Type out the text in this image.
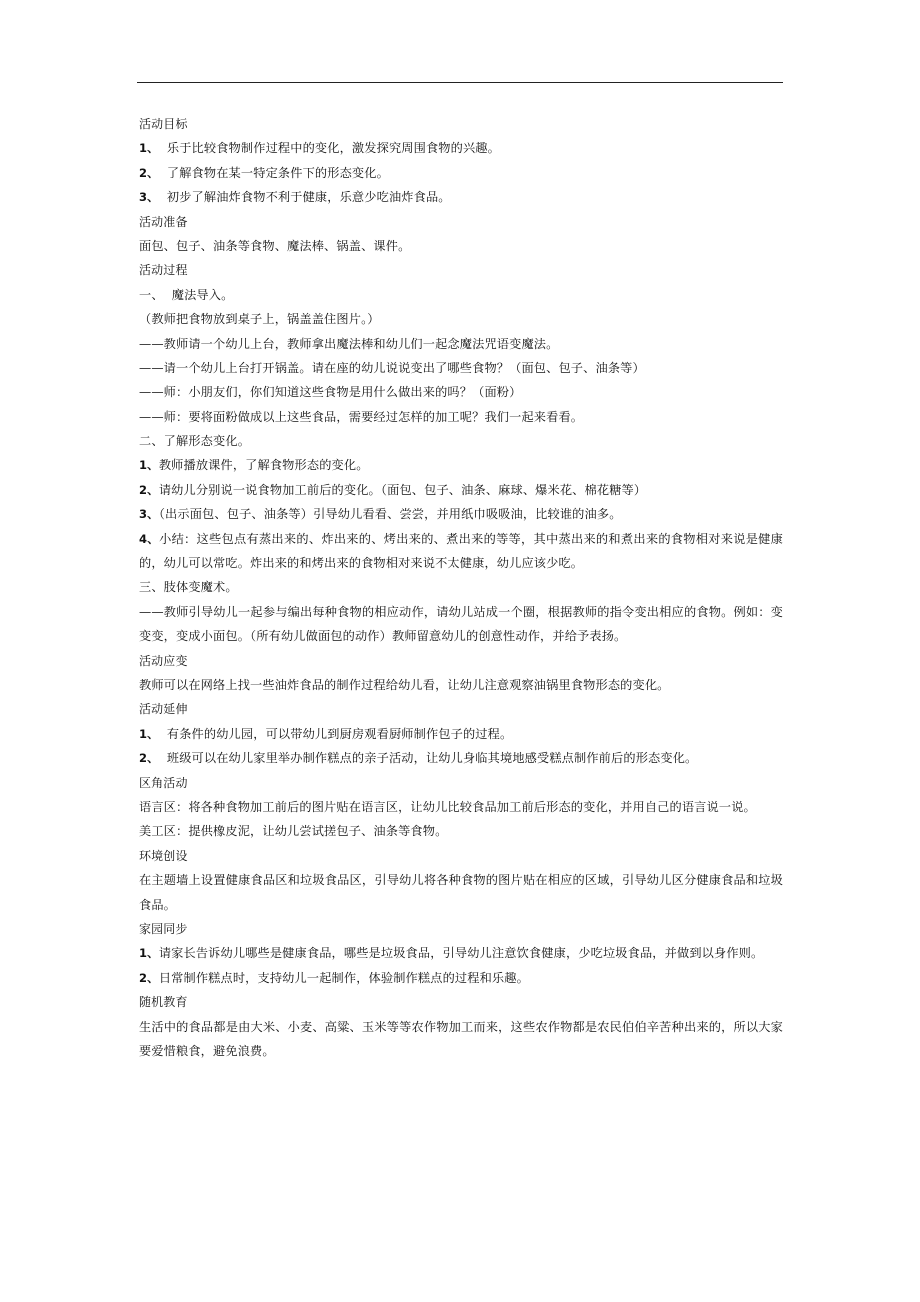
活动目标
1、 乐于比较食物制作过程中的变化，激发探究周围食物的兴趣。
2、 了解食物在某一特定条件下的形态变化。
3、 初步了解油炸食物不利于健康，乐意少吃油炸食品。
活动准备
面包、包子、油条等食物、魔法棒、锅盖、课件。
活动过程
一、 魔法导入。
（教师把食物放到桌子上，锅盖盖住图片。）
——教师请一个幼儿上台，教师拿出魔法棒和幼儿们一起念魔法咒语变魔法。
——请一个幼儿上台打开锅盖。请在座的幼儿说说变出了哪些食物？（面包、包子、油条等）
——师：小朋友们，你们知道这些食物是用什么做出来的吗？（面粉）
——师：要将面粉做成以上这些食品，需要经过怎样的加工呢？我们一起来看看。
二、了解形态变化。
1、教师播放课件，了解食物形态的变化。
2、请幼儿分别说一说食物加工前后的变化。（面包、包子、油条、麻球、爆米花、棉花糖等）
3、（出示面包、包子、油条等）引导幼儿看看、尝尝，并用纸巾吸吸油，比较谁的油多。
4、小结：这些包点有蒸出来的、炸出来的、烤出来的、煮出来的等等，其中蒸出来的和煮出来的食物相对来说是健康的，幼儿可以常吃。炸出来的和烤出来的食物相对来说不太健康，幼儿应该少吃。
三、肢体变魔术。
——教师引导幼儿一起参与编出每种食物的相应动作，请幼儿站成一个圈，根据教师的指令变出相应的食物。例如：变变变，变成小面包。（所有幼儿做面包的动作）教师留意幼儿的创意性动作，并给予表扬。
活动应变
教师可以在网络上找一些油炸食品的制作过程给幼儿看，让幼儿注意观察油锅里食物形态的变化。
活动延伸
1、 有条件的幼儿园，可以带幼儿到厨房观看厨师制作包子的过程。
2、 班级可以在幼儿家里举办制作糕点的亲子活动，让幼儿身临其境地感受糕点制作前后的形态变化。
区角活动
语言区：将各种食物加工前后的图片贴在语言区，让幼儿比较食品加工前后形态的变化，并用自己的语言说一说。
美工区：提供橡皮泥，让幼儿尝试搓包子、油条等食物。
环境创设
在主题墙上设置健康食品区和垃圾食品区，引导幼儿将各种食物的图片贴在相应的区域，引导幼儿区分健康食品和垃圾食品。
家园同步
1、请家长告诉幼儿哪些是健康食品，哪些是垃圾食品，引导幼儿注意饮食健康，少吃垃圾食品，并做到以身作则。
2、日常制作糕点时，支持幼儿一起制作，体验制作糕点的过程和乐趣。
随机教育
生活中的食品都是由大米、小麦、高粱、玉米等等农作物加工而来，这些农作物都是农民伯伯辛苦种出来的，所以大家要爱惜粮食，避免浪费。
